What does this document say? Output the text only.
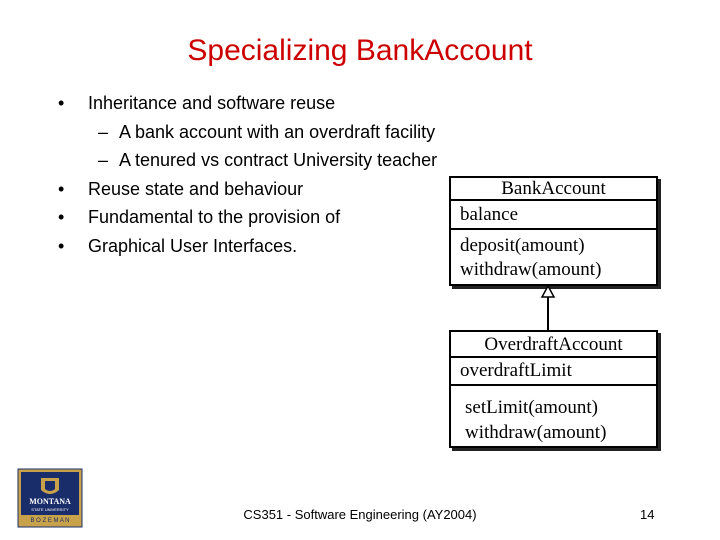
Specializing BankAccount
•	Inheritance and software reuse
– A bank account with an overdraft facility
– A tenured vs contract University teacher
•	Reuse state and behaviour
•	Fundamental to the provision of
•	Graphical User Interfaces.
BankAccount
balance
deposit(amount)
withdraw(amount)
OverdraftAccount
overdraftLimit
setLimit(amount)
withdraw(amount)
MONTANA
STATE UNIVERSITY
B O Z E M A N	CS351 - Software Engineering (AY2004)	14
